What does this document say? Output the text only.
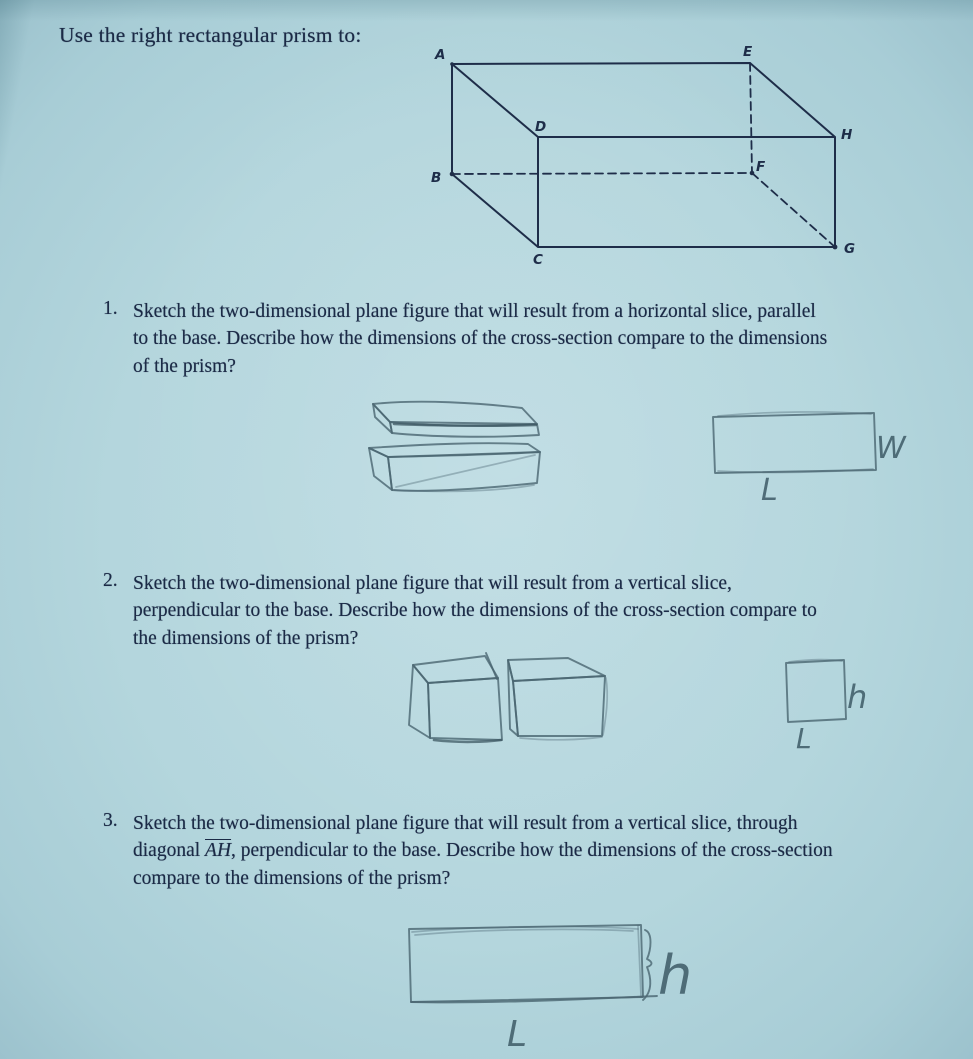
Use the right rectangular prism to:
A	E
D	H
B
F
C
G
1. Sketch the two-dimensional plane figure that will result from a horizontal slice, parallel
to the base. Describe how the dimensions of the cross-section compare to the dimensions
of the prism?
W
L
2. Sketch the two-dimensional plane figure that will result from a vertical slice,
perpendicular to the base. Describe how the dimensions of the cross-section compare to
the dimensions of the prism?
h
L
3. Sketch the two-dimensional plane figure that will result from a vertical slice, through
diagonal $\overline{AH}$, perpendicular to the base. Describe how the dimensions of the cross-section
compare to the dimensions of the prism?
h
L
